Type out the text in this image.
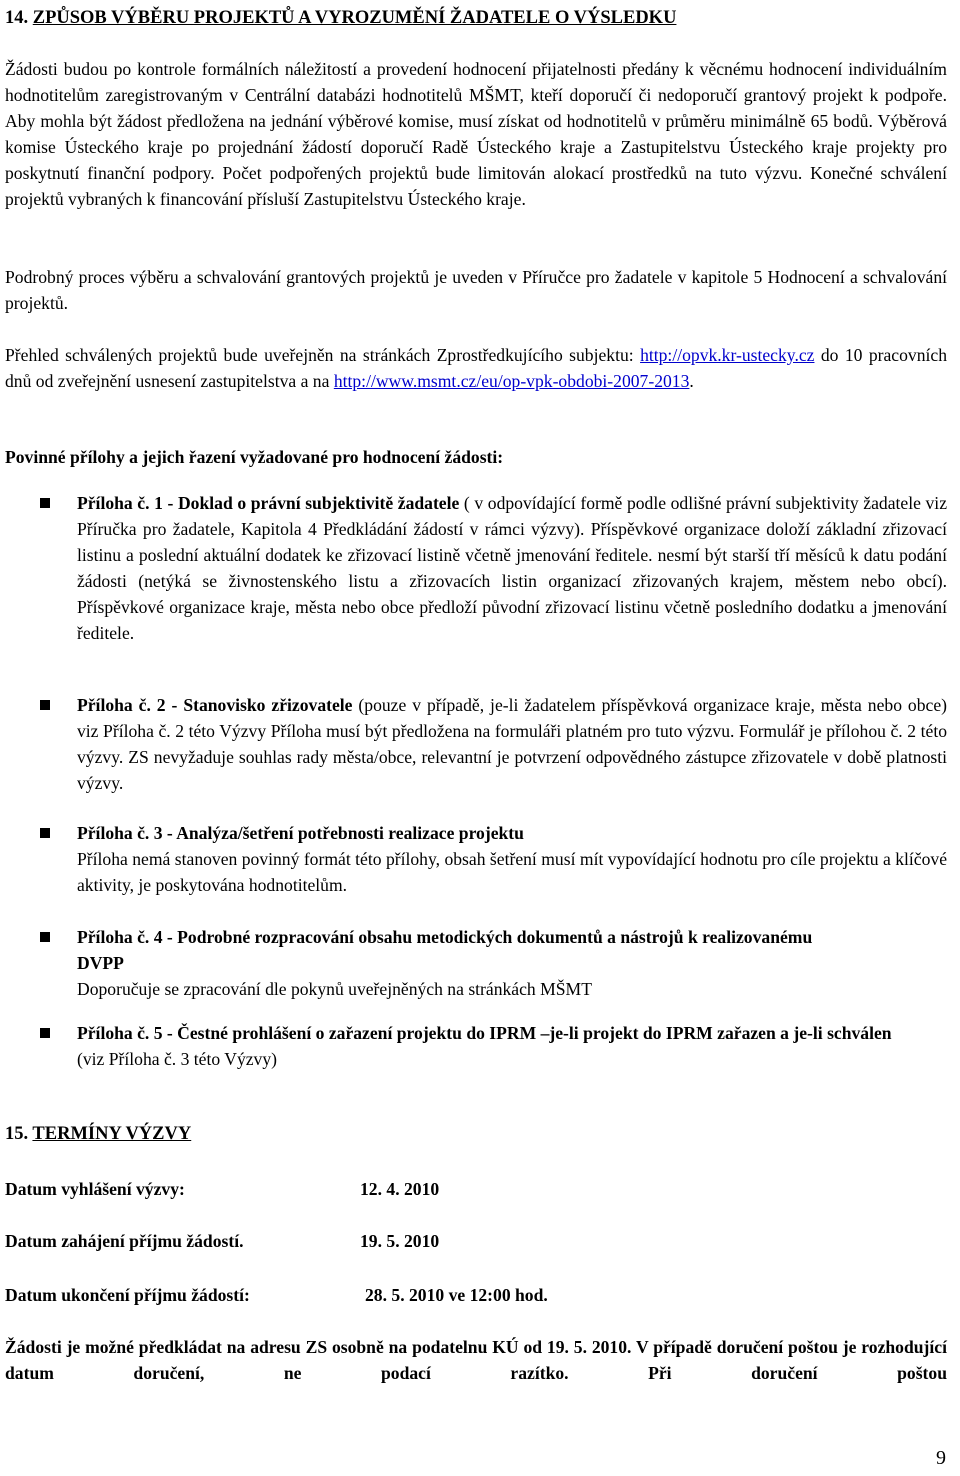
14. ZPŮSOB VÝBĚRU PROJEKTŮ A VYROZUMĚNÍ ŽADATELE O VÝSLEDKU
Žádosti budou po kontrole formálních náležitostí a provedení hodnocení přijatelnosti předány k věcnému hodnocení individuálním hodnotitelům zaregistrovaným v Centrální databázi hodnotitelů MŠMT, kteří doporučí či nedoporučí grantový projekt k podpoře. Aby mohla být žádost předložena na jednání výběrové komise, musí získat od hodnotitelů v průměru minimálně 65 bodů. Výběrová komise Ústeckého kraje po projednání žádostí doporučí Radě Ústeckého kraje a Zastupitelstvu Ústeckého kraje projekty pro poskytnutí finanční podpory. Počet podpořených projektů bude limitován alokací prostředků na tuto výzvu. Konečné schválení projektů vybraných k financování přísluší Zastupitelstvu Ústeckého kraje.
Podrobný proces výběru a schvalování grantových projektů je uveden v Příručce pro žadatele v kapitole 5 Hodnocení a schvalování projektů.
Přehled schválených projektů bude uveřejněn na stránkách Zprostředkujícího subjektu: http://opvk.kr-ustecky.cz do 10 pracovních dnů od zveřejnění usnesení zastupitelstva a na http://www.msmt.cz/eu/op-vpk-obdobi-2007-2013.
Povinné přílohy a jejich řazení vyžadované pro hodnocení žádosti:
Příloha č. 1 - Doklad o právní subjektivitě žadatele ( v odpovídající formě podle odlišné právní subjektivity žadatele viz Příručka pro žadatele, Kapitola 4 Předkládání žádostí v rámci výzvy). Příspěvkové organizace doloží základní zřizovací listinu a poslední aktuální dodatek ke zřizovací listině včetně jmenování ředitele. nesmí být starší tří měsíců k datu podání žádosti (netýká se živnostenského listu a zřizovacích listin organizací zřizovaných krajem, městem nebo obcí). Příspěvkové organizace kraje, města nebo obce předloží původní zřizovací listinu včetně posledního dodatku a jmenování ředitele.
Příloha č. 2 - Stanovisko zřizovatele (pouze v případě, je-li žadatelem příspěvková organizace kraje, města nebo obce) viz Příloha č. 2 této Výzvy Příloha musí být předložena na formuláři platném pro tuto výzvu. Formulář je přílohou č. 2 této výzvy. ZS nevyžaduje souhlas rady města/obce, relevantní je potvrzení odpovědného zástupce zřizovatele v době platnosti výzvy.
Příloha č. 3 - Analýza/šetření potřebnosti realizace projektu
Příloha nemá stanoven povinný formát této přílohy, obsah šetření musí mít vypovídající hodnotu pro cíle projektu a klíčové aktivity, je poskytována hodnotitelům.
Příloha č. 4 - Podrobné rozpracování obsahu metodických dokumentů a nástrojů k realizovanému DVPP
Doporučuje se zpracování dle pokynů uveřejněných na stránkách MŠMT
Příloha č. 5 - Čestné prohlášení o zařazení projektu do IPRM –je-li projekt do IPRM zařazen a je-li schválen (viz Příloha č. 3 této Výzvy)
15. TERMÍNY VÝZVY
Datum vyhlášení výzvy:	12. 4. 2010
Datum zahájení příjmu žádostí.	19. 5. 2010
Datum ukončení příjmu žádostí:	28. 5. 2010 ve 12:00 hod.
Žádosti je možné předkládat na adresu ZS osobně na podatelnu KÚ od 19. 5. 2010. V případě doručení poštou je rozhodující datum doručení, ne podací razítko. Při doručení poštou
9
